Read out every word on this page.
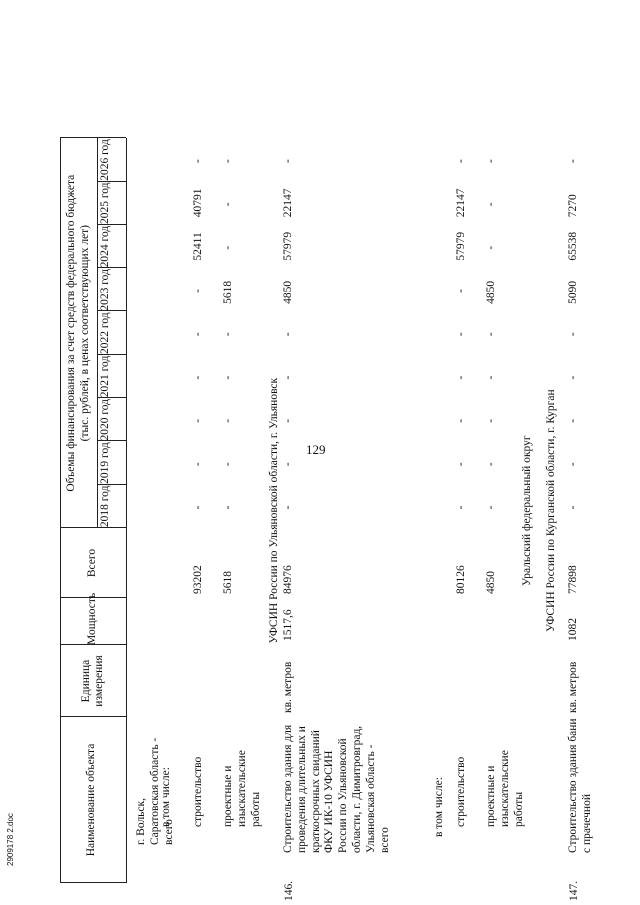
129
2909178 2.doc	Наименование объекта
Единица измерения
Мощность
Всего
Объемы финансирования за счет средств федерального бюджета (тыс. рублей, в ценах соответствующих лет)
2018 год
2019 год
2020 год
2021 год
2022 год
2023 год
2024 год
2025 год
2026 год
г. Вольск, Саратовская область - всего
в том числе: строительство
93202
-
-
-
-
-
-
52411
40791
-
проектные и изыскательские работы
5618
-
-
-
-
-
5618
-
-
-
УФСИН России по Ульяновской области, г. Ульяновск
146.
Строительство здания для проведения длительных и краткосрочных свиданий ФКУ ИК-10 УФСИН России по Ульяновской области, г. Димитровград, Ульяновская область - всего
кв. метров
1517,6
84976
-
-
-
-
-
4850
57979
22147
-
в том числе: строительство
80126
-
-
-
-
-
-
57979
22147
-
проектные и изыскательские работы
4850
-
-
-
-
-
4850
-
-
-
Уральский федеральный округ УФСИН России по Курганской области, г. Курган
147.
Строительство здания бани с прачечной
кв. метров
1082
77898
-
-
-
-
-
5090
65538
7270
-
